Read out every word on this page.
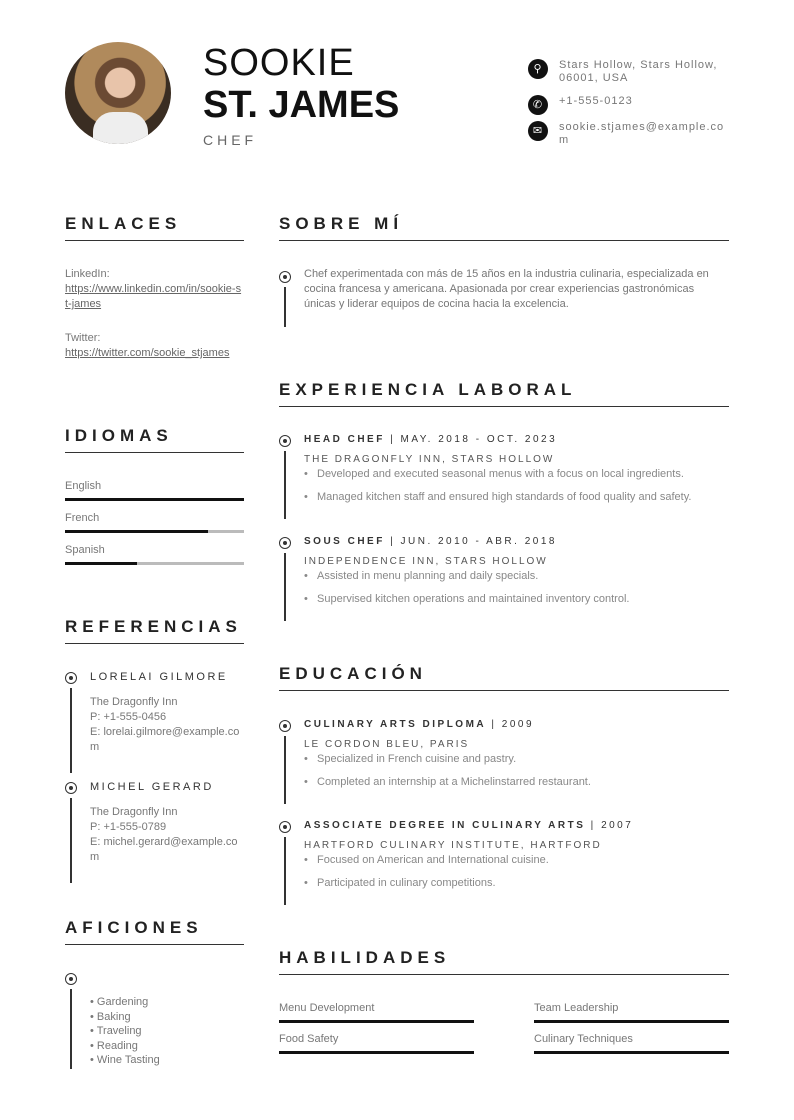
SOOKIE
ST. JAMES
CHEF
⚲	Stars Hollow, Stars Hollow, 06001, USA
✆	+1-555-0123
✉	sookie.stjames@example.com
ENLACES
LinkedIn:
https://www.linkedin.com/in/sookie-st-james
Twitter:
https://twitter.com/sookie_stjames
IDIOMAS
English
French
Spanish
REFERENCIAS
LORELAI GILMORE
The Dragonfly Inn
P: +1-555-0456
E: lorelai.gilmore@example.com
MICHEL GERARD
The Dragonfly Inn
P: +1-555-0789
E: michel.gerard@example.com
AFICIONES
• Gardening
• Baking
• Traveling
• Reading
• Wine Tasting
SOBRE MÍ
Chef experimentada con más de 15 años en la industria culinaria, especializada en cocina francesa y americana. Apasionada por crear experiencias gastronómicas únicas y liderar equipos de cocina hacia la excelencia.
EXPERIENCIA LABORAL
HEAD CHEF | MAY. 2018 - OCT. 2023
THE DRAGONFLY INN, STARS HOLLOW
• Developed and executed seasonal menus with a focus on local ingredients.
• Managed kitchen staff and ensured high standards of food quality and safety.
SOUS CHEF | JUN. 2010 - ABR. 2018
INDEPENDENCE INN, STARS HOLLOW
• Assisted in menu planning and daily specials.
• Supervised kitchen operations and maintained inventory control.
EDUCACIÓN
CULINARY ARTS DIPLOMA | 2009
LE CORDON BLEU, PARIS
• Specialized in French cuisine and pastry.
• Completed an internship at a Michelinstarred restaurant.
ASSOCIATE DEGREE IN CULINARY ARTS | 2007
HARTFORD CULINARY INSTITUTE, HARTFORD
• Focused on American and International cuisine.
• Participated in culinary competitions.
HABILIDADES
Menu Development	Team Leadership
Food Safety	Culinary Techniques
